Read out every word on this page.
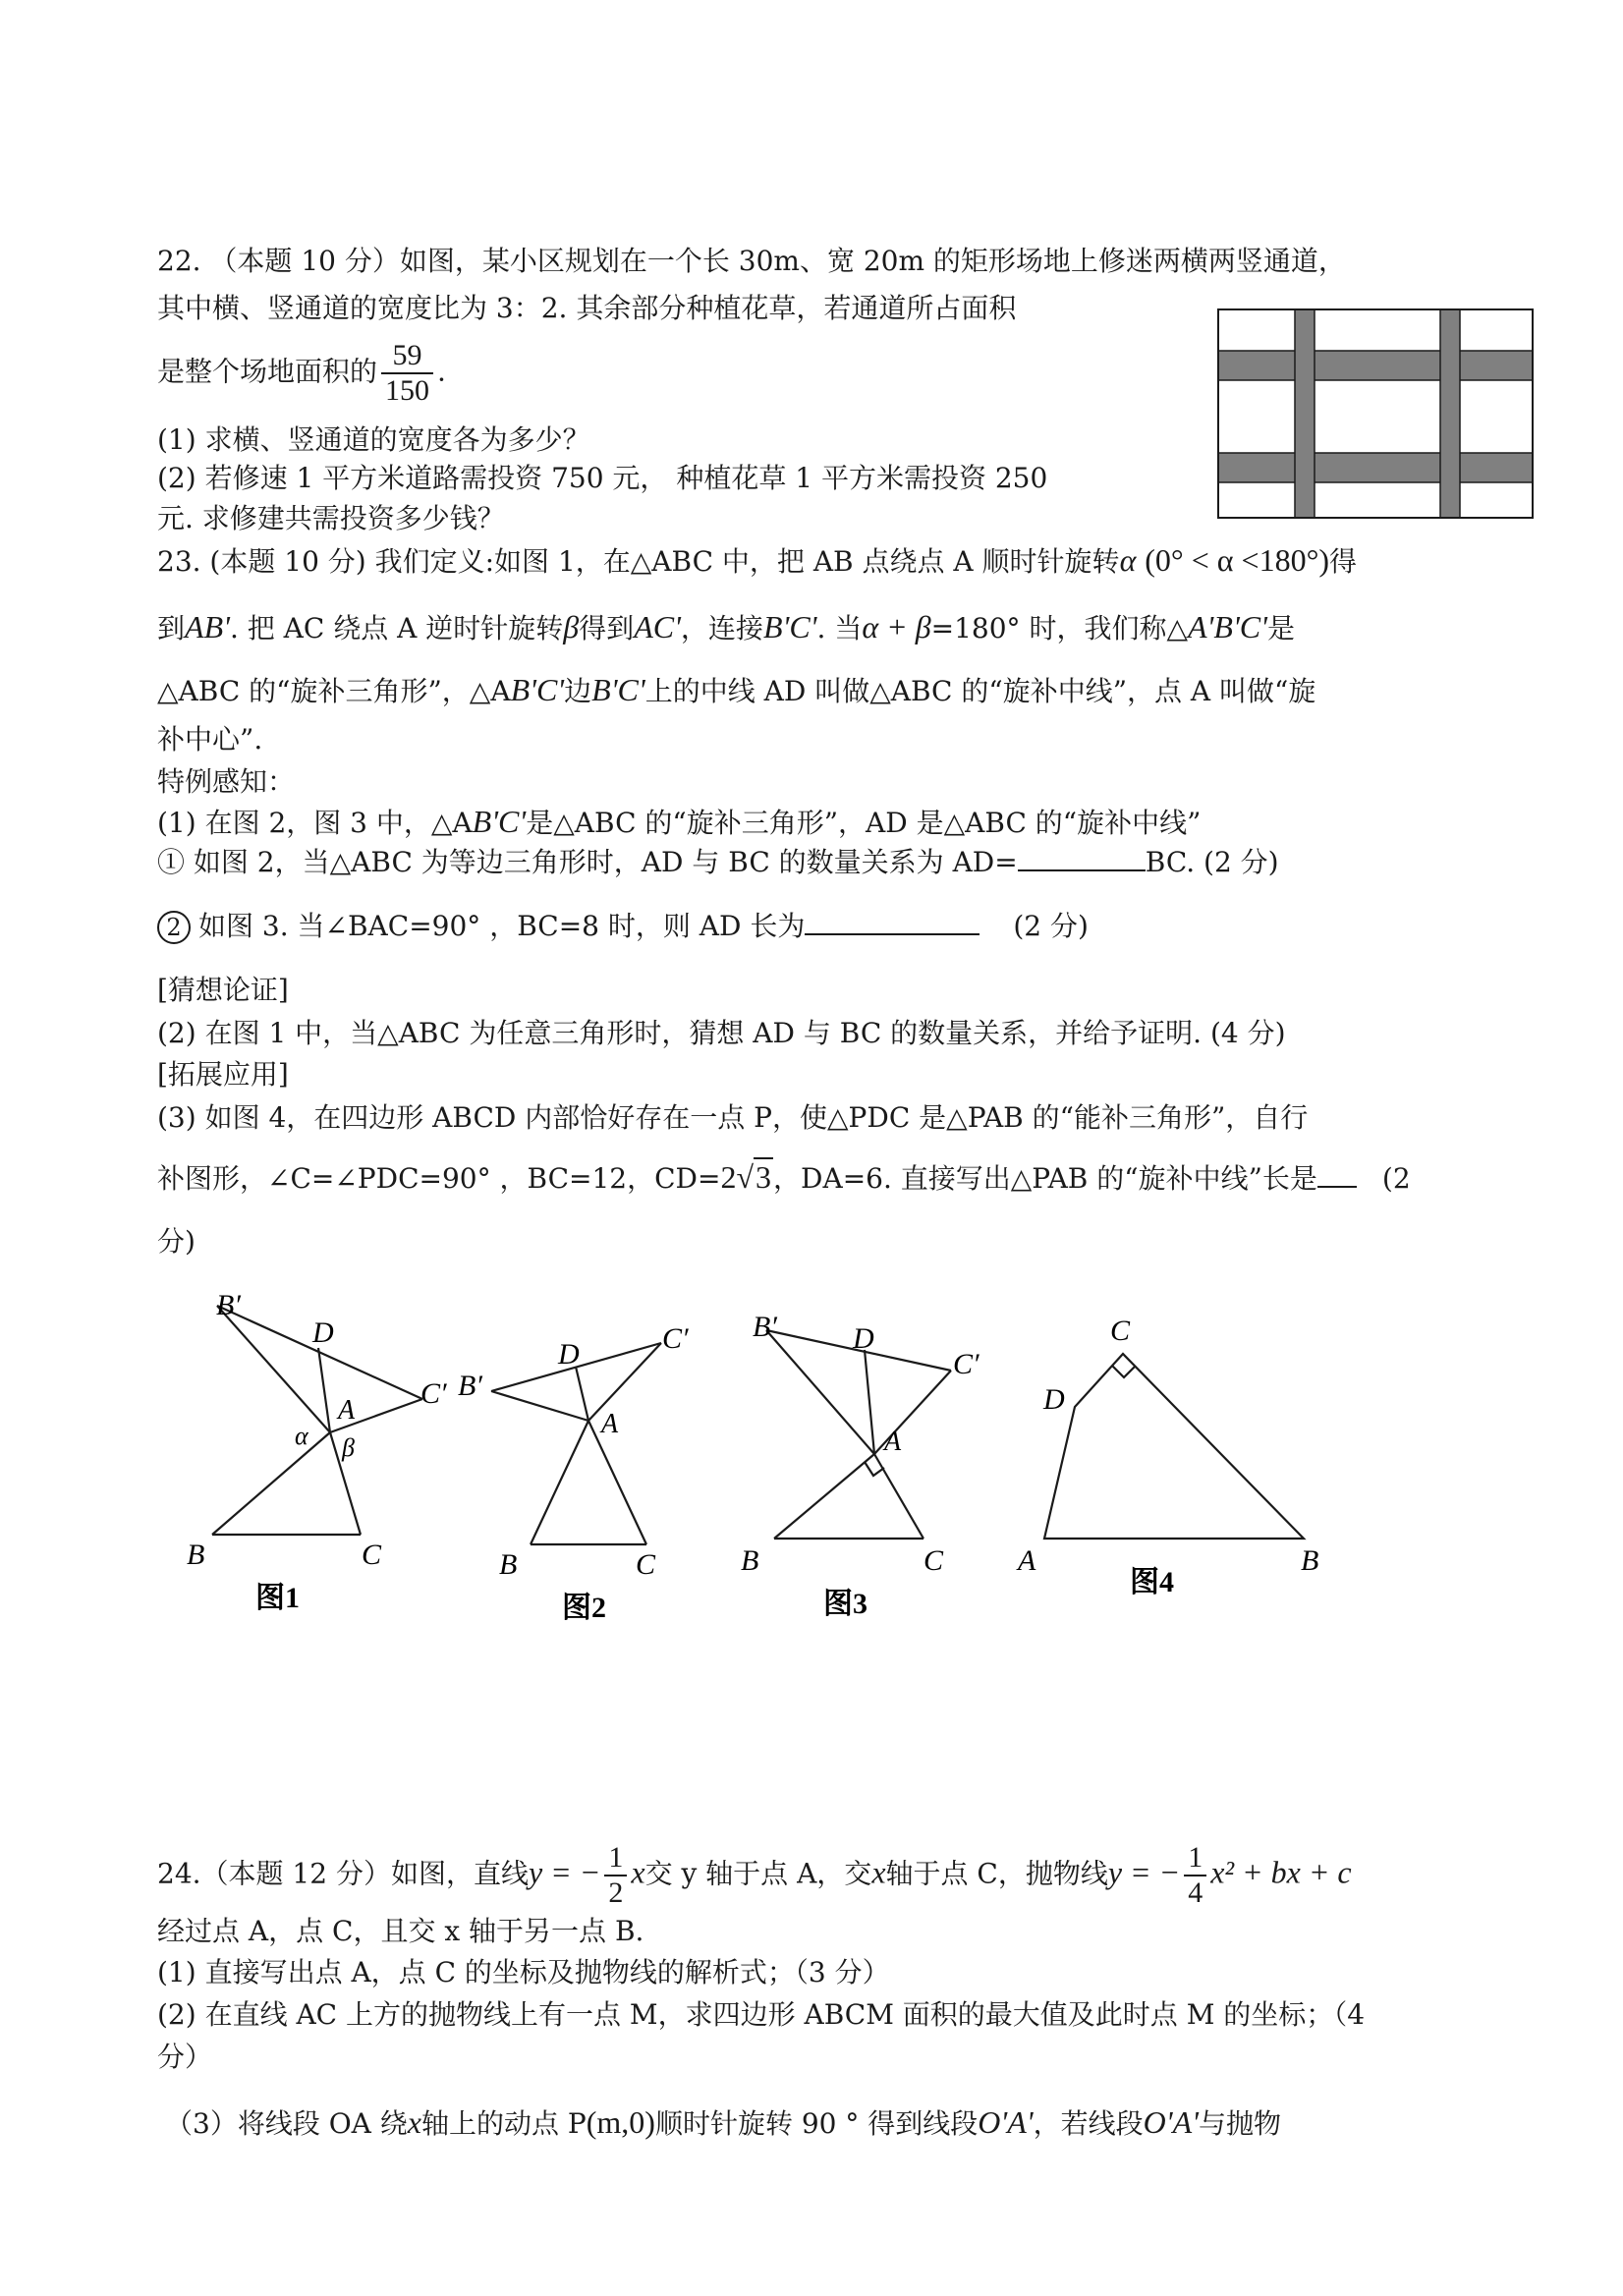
22. （本题 10 分）如图，某小区规划在一个长 30m、宽 20m 的矩形场地上修迷两横两竖通道，
其中横、竖通道的宽度比为 3：2. 其余部分种植花草，若通道所占面积
是整个场地面积的 $\frac{59}{150}$ .
(1) 求横、竖通道的宽度各为多少？
(2) 若修速 1 平方米道路需投资 750 元， 种植花草 1 平方米需投资 250
元. 求修建共需投资多少钱？
23. (本题 10 分) 我们定义:如图 1，在△ABC 中，把 AB 点绕点 A 顺时针旋转α (0° < α <180°)得
到AB'. 把 AC 绕点 A 逆时针旋转β得到AC'，连接B'C'. 当α + β=180° 时，我们称△A'B'C'是
△ABC 的“旋补三角形”，△AB'C'边B'C'上的中线 AD 叫做△ABC 的“旋补中线”，点 A 叫做“旋
补中心”.
特例感知：
(1) 在图 2，图 3 中，△AB'C'是△ABC 的“旋补三角形”，AD 是△ABC 的“旋补中线”
① 如图 2，当△ABC 为等边三角形时，AD 与 BC 的数量关系为 AD=	BC. (2 分)
2 如图 3. 当∠BAC=90° ，BC=8 时，则 AD 长为	(2 分)
[猜想论证]
(2) 在图 1 中，当△ABC 为任意三角形时，猜想 AD 与 BC 的数量关系，并给予证明. (4 分)
[拓展应用]
(3) 如图 4，在四边形 ABCD 内部恰好存在一点 P，使△PDC 是△PAB 的“能补三角形”，自行
补图形，∠C=∠PDC=90° ，BC=12，CD=2√3，DA=6. 直接写出△PAB 的“旋补中线”长是 (2
分)
B′
D
C′
A
α β
B	C
图1
D	C′
B′
A
B	C
图2
B′	D
C′
A
B	C
图3
C
D
A	B
图4
24.（本题 12 分）如图，直线y = − $\frac{1}{2}$ x交 y 轴于点 A，交x轴于点 C，抛物线y = − $\frac{1}{4} x^2$ + bx + c
经过点 A，点 C，且交 x 轴于另一点 B.
(1) 直接写出点 A，点 C 的坐标及抛物线的解析式；（3 分）
(2) 在直线 AC 上方的抛物线上有一点 M，求四边形 ABCM 面积的最大值及此时点 M 的坐标；（4
分）
（3）将线段 OA 绕x轴上的动点 P(m,0)顺时针旋转 90 ° 得到线段O'A'，若线段O'A'与抛物
